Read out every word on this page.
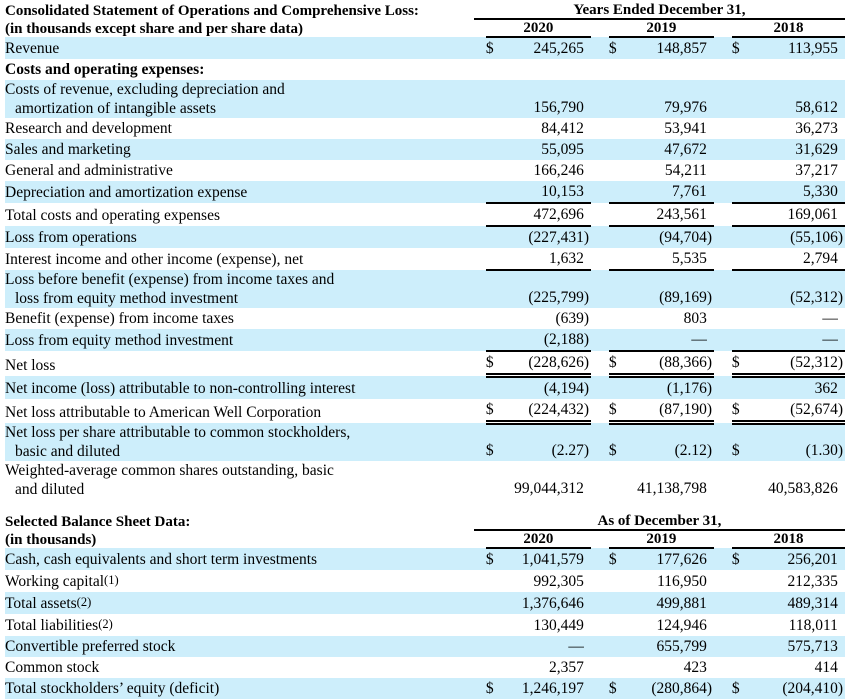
Consolidated Statement of Operations and Comprehensive Loss:	Years Ended December 31,											
(in thousands except share and per share data)		2020				2019				2018		
Revenue		$	245,265			$	148,857			$	113,955	
Costs and operating expenses:												

Costs of revenue, excluding depreciation and
amortization of intangible assets			156,790				79,976				58,612	
Research and development			84,412				53,941				36,273	
Sales and marketing			55,095				47,672				31,629	
General and administrative			166,246				54,211				37,217	
Depreciation and amortization expense			10,153				7,761				5,330	
Total costs and operating expenses			472,696				243,561				169,061	
Loss from operations			(227,431	)			(94,704	)			(55,106	)
Interest income and other income (expense), net			1,632				5,535				2,794	

Loss before benefit (expense) from income taxes and
loss from equity method investment			(225,799	)			(89,169	)			(52,312	)
Benefit (expense) from income taxes			(639	)			803				—	
Loss from equity method investment			(2,188	)			—				—	
Net loss		$	(228,626	)		$	(88,366	)		$	(52,312	)
Net income (loss) attributable to non-controlling interest			(4,194	)			(1,176	)			362	
Net loss attributable to American Well Corporation		$	(224,432	)		$	(87,190	)		$	(52,674	)

Net loss per share attributable to common stockholders,
basic and diluted		$	(2.27	)		$	(2.12	)		$	(1.30	)

Weighted-average common shares outstanding, basic
and diluted			99,044,312				41,138,798				40,583,826	
Selected Balance Sheet Data:	As of December 31,											
(in thousands)		2020				2019				2018		
Cash, cash equivalents and short term investments		$	1,041,579			$	177,626			$	256,201	
Working capital(1)			992,305				116,950				212,335	
Total assets(2)			1,376,646				499,881				489,314	
Total liabilities(2)			130,449				124,946				118,011	
Convertible preferred stock			—				655,799				575,713	
Common stock			2,357				423				414	
Total stockholders’ equity (deficit)		$	1,246,197			$	(280,864	)		$	(204,410	)
